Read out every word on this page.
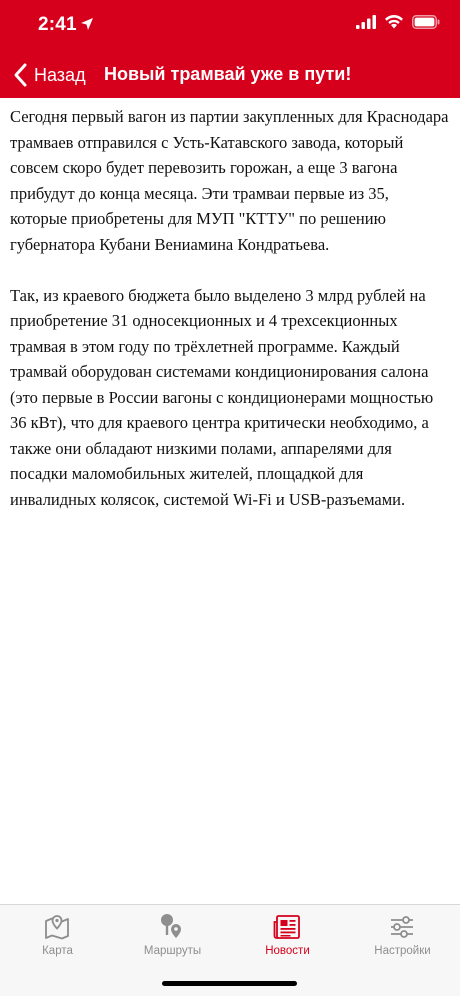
2:41
Назад Новый трамвай уже в пути!

Сегодня первый вагон из партии закупленных для Краснодара трамваев отправился с Усть-Катавского завода, который совсем скоро будет перевозить горожан, а еще 3 вагона прибудут до конца месяца. Эти трамваи первые из 35, которые приобретены для МУП "КТТУ" по решению губернатора Кубани Вениамина Кондратьева.

Так, из краевого бюджета было выделено 3 млрд рублей на приобретение 31 односекционных и 4 трехсекционных трамвая в этом году по трёхлетней программе. Каждый трамвай оборудован системами кондиционирования салона (это первые в России вагоны с кондиционерами мощностью 36 кВт), что для краевого центра критически необходимо, а также они обладают низкими полами, аппарелями для посадки маломобильных жителей, площадкой для инвалидных колясок, системой Wi-Fi и USB-разъемами.

Карта	Маршруты	Новости	Настройки
